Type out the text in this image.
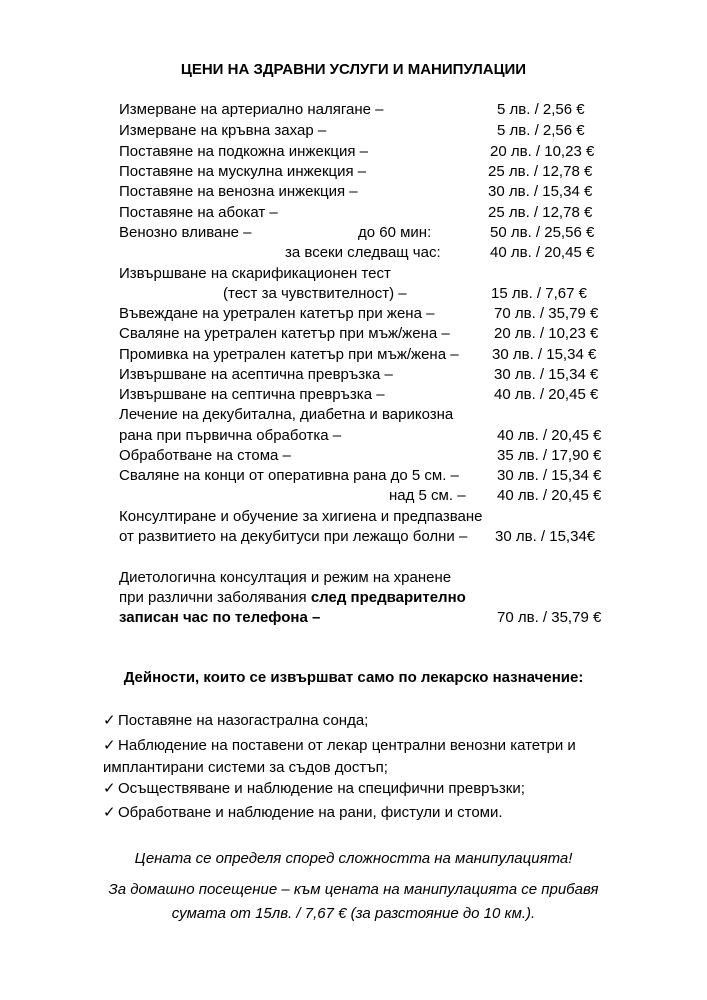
ЦЕНИ НА ЗДРАВНИ УСЛУГИ И МАНИПУЛАЦИИ
Измерване на артериално налягане –	5 лв. / 2,56 €
Измерване на кръвна захар –	5 лв. / 2,56 €
Поставяне на подкожна инжекция –	20 лв. / 10,23 €
Поставяне на мускулна инжекция –	25 лв. / 12,78 €
Поставяне на венозна инжекция –	30 лв. / 15,34 €
Поставяне на абокат –	25 лв. / 12,78 €
Венозно вливане –	до 60 мин:	50 лв. / 25,56 €
за всеки следващ час:	40 лв. / 20,45 €
Извършване на скарификационен тест
(тест за чувствителност) –	15 лв. / 7,67 €
Въвеждане на уретрален катетър при жена –	70 лв. / 35,79 €
Сваляне на уретрален катетър при мъж/жена –	20 лв. / 10,23 €
Промивка на уретрален катетър при мъж/жена – 30 лв. / 15,34 €
Извършване на асептична превръзка –	30 лв. / 15,34 €
Извършване на септична превръзка –	40 лв. / 20,45 €
Лечение на декубитална, диабетна и варикозна
рана при първична обработка –	40 лв. / 20,45 €
Обработване на стома –	35 лв. / 17,90 €
Сваляне на конци от оперативна рана до 5 см. –	30 лв. / 15,34 €
над 5 см. – 40 лв. / 20,45 €
Консултиране и обучение за хигиена и предпазване
от развитието на декубитуси при лежащо болни – 30 лв. / 15,34€
Диетологична консултация и режим на хранене
при различни заболявания след предварително
записан час по телефона –	70 лв. / 35,79 €
Дейности, които се извършват само по лекарско назначение:
✓ Поставяне на назогастрална сонда;
✓ Наблюдение на поставени от лекар централни венозни катетри и
имплантирани системи за съдов достъп;
✓ Осъществяване и наблюдение на специфични превръзки;
✓ Обработване и наблюдение на рани, фистули и стоми.
Цената се определя според сложността на манипулацията!
За домашно посещение – към цената на манипулацията се прибавя
сумата от 15лв. / 7,67 € (за разстояние до 10 км.).
